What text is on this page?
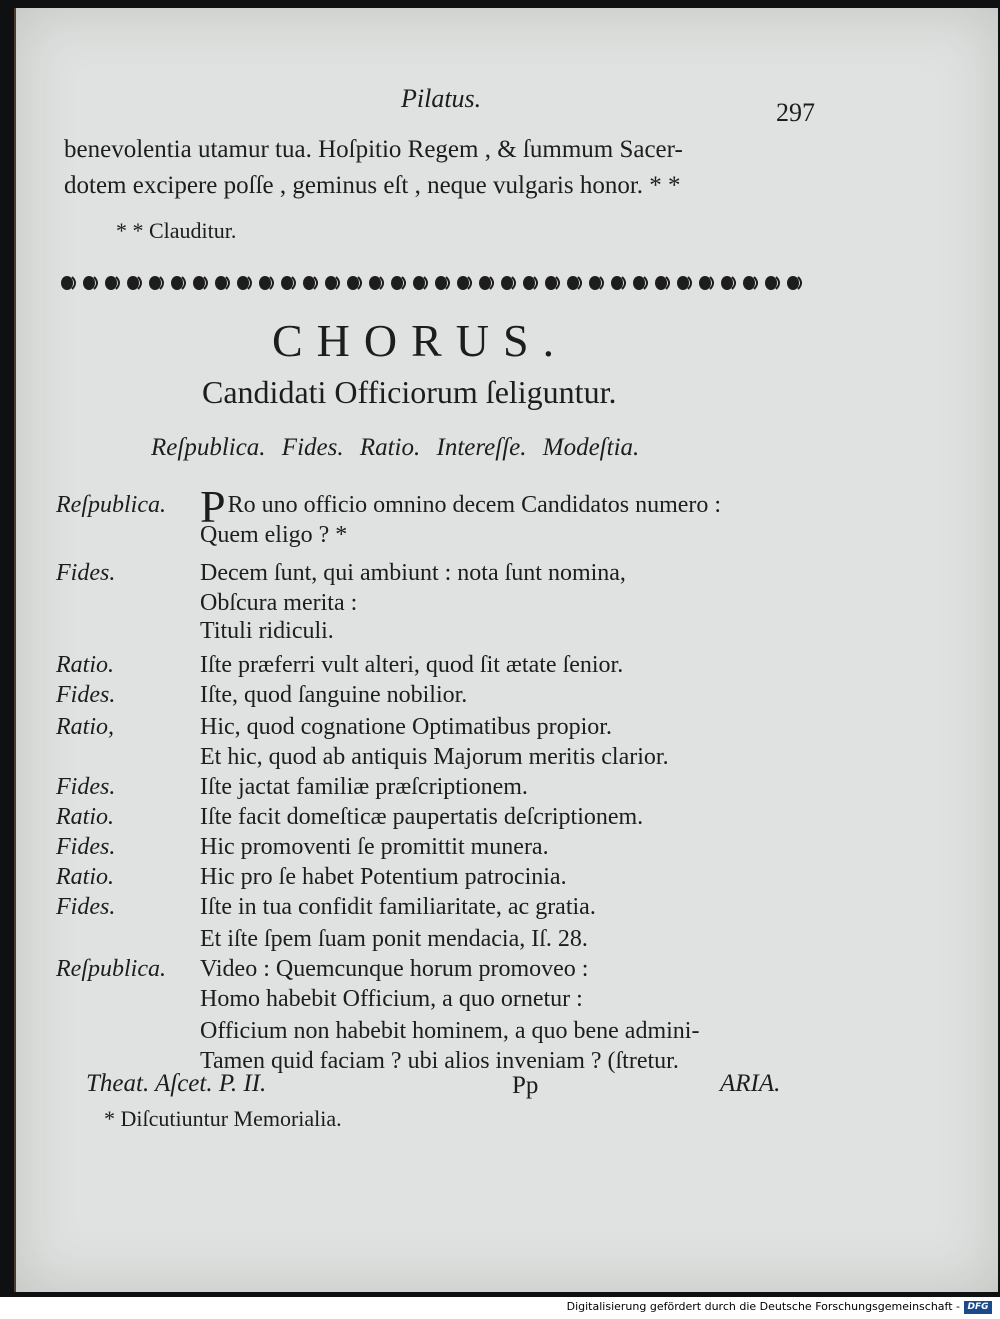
Pilatus.	297
benevolentia utamur tua. Hoſpitio Regem , & ſummum Sacer-
dotem excipere poſſe , geminus eſt , neque vulgaris honor. * *
* * Clauditur.
CHORUS.
Candidati Officiorum ſeliguntur.
Reſpublica. Fides. Ratio. Intereſſe. Modeſtia.
Reſpublica. PRo uno officio omnino decem Candidatos numero :
Quem eligo ? *
Fides.	Decem ſunt, qui ambiunt : nota ſunt nomina,
Obſcura merita :
Tituli ridiculi.
Ratio.	Iſte præferri vult alteri, quod ſit ætate ſenior.
Fides.	Iſte, quod ſanguine nobilior.
Ratio,	Hic, quod cognatione Optimatibus propior.
Et hic, quod ab antiquis Majorum meritis clarior.
Fides.	Iſte jactat familiæ præſcriptionem.
Ratio.	Iſte facit domeſticæ paupertatis deſcriptionem.
Fides.	Hic promoventi ſe promittit munera.
Ratio.	Hic pro ſe habet Potentium patrocinia.
Fides.	Iſte in tua confidit familiaritate, ac gratia.
Et iſte ſpem ſuam ponit mendacia, Iſ. 28.
Reſpublica. Video : Quemcunque horum promoveo :
Homo habebit Officium, a quo ornetur :
Officium non habebit hominem, a quo bene admini-
Tamen quid faciam ? ubi alios inveniam ? (ſtretur.
Theat. Aſcet. P. II.	Pp	ARIA.
* Diſcutiuntur Memorialia.
Digitalisierung gefördert durch die Deutsche Forschungsgemeinschaft - DFG
